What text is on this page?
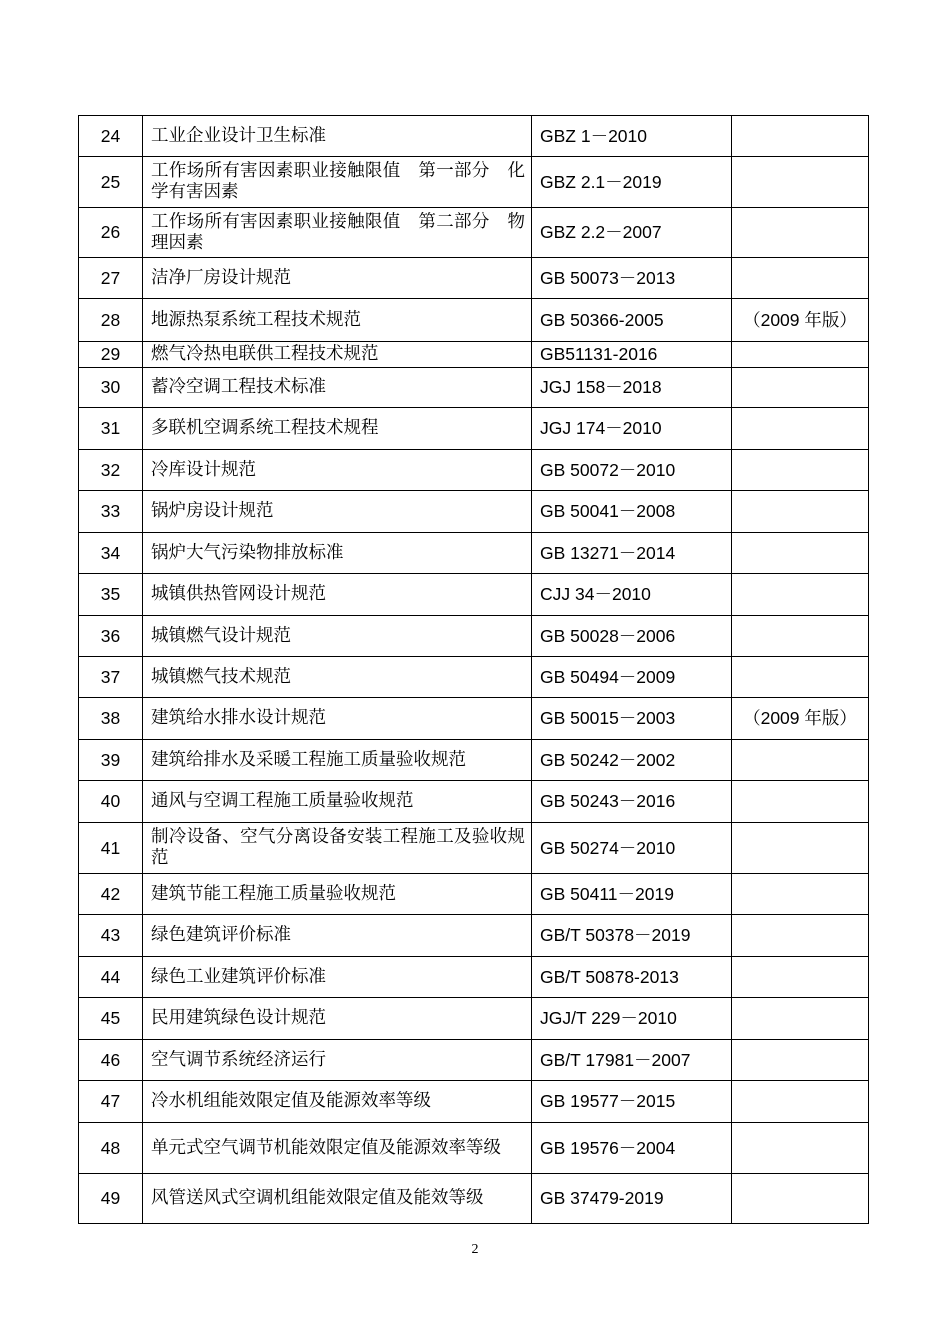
24	工业企业设计卫生标准	GBZ 1－2010	
25	工作场所有害因素职业接触限值　第一部分　化学有害因素	GBZ 2.1－2019	
26	工作场所有害因素职业接触限值　第二部分　物理因素	GBZ 2.2－2007	
27	洁净厂房设计规范	GB 50073－2013	
28	地源热泵系统工程技术规范	GB 50366-2005	（2009 年版）
29	燃气冷热电联供工程技术规范	GB51131-2016	
30	蓄冷空调工程技术标准	JGJ 158－2018	
31	多联机空调系统工程技术规程	JGJ 174－2010	
32	冷库设计规范	GB 50072－2010	
33	锅炉房设计规范	GB 50041－2008	
34	锅炉大气污染物排放标准	GB 13271－2014	
35	城镇供热管网设计规范	CJJ 34－2010	
36	城镇燃气设计规范	GB 50028－2006	
37	城镇燃气技术规范	GB 50494－2009	
38	建筑给水排水设计规范	GB 50015－2003	（2009 年版）
39	建筑给排水及采暖工程施工质量验收规范	GB 50242－2002	
40	通风与空调工程施工质量验收规范	GB 50243－2016	
41	制冷设备、空气分离设备安装工程施工及验收规范	GB 50274－2010	
42	建筑节能工程施工质量验收规范	GB 50411－2019	
43	绿色建筑评价标准	GB/T 50378－2019	
44	绿色工业建筑评价标准	GB/T 50878-2013	
45	民用建筑绿色设计规范	JGJ/T 229－2010	
46	空气调节系统经济运行	GB/T 17981－2007	
47	冷水机组能效限定值及能源效率等级	GB 19577－2015	
48	单元式空气调节机能效限定值及能源效率等级	GB 19576－2004	
49	风管送风式空调机组能效限定值及能效等级	GB 37479-2019	
2
